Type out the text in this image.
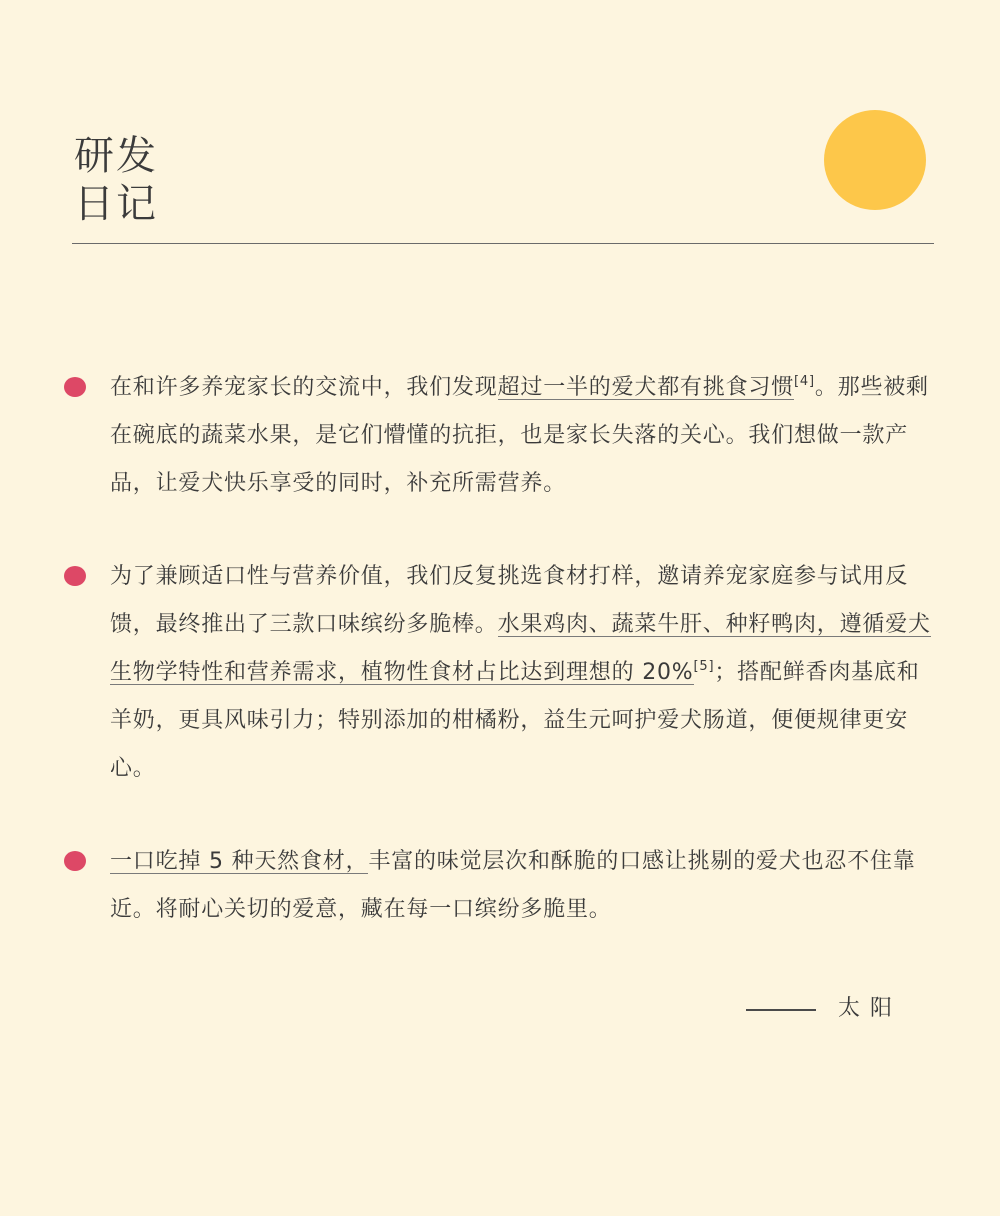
研发
日记
在和许多养宠家长的交流中，我们发现超过一半的爱犬都有挑食习惯[4]。那些被剩在碗底的蔬菜水果，是它们懵懂的抗拒，也是家长失落的关心。我们想做一款产品，让爱犬快乐享受的同时，补充所需营养。
为了兼顾适口性与营养价值，我们反复挑选食材打样，邀请养宠家庭参与试用反馈，最终推出了三款口味缤纷多脆棒。水果鸡肉、蔬菜牛肝、种籽鸭肉，遵循爱犬生物学特性和营养需求，植物性食材占比达到理想的 20%[5]；搭配鲜香肉基底和羊奶，更具风味引力；特别添加的柑橘粉，益生元呵护爱犬肠道，便便规律更安心。
一口吃掉 5 种天然食材，丰富的味觉层次和酥脆的口感让挑剔的爱犬也忍不住靠近。将耐心关切的爱意，藏在每一口缤纷多脆里。
太阳
